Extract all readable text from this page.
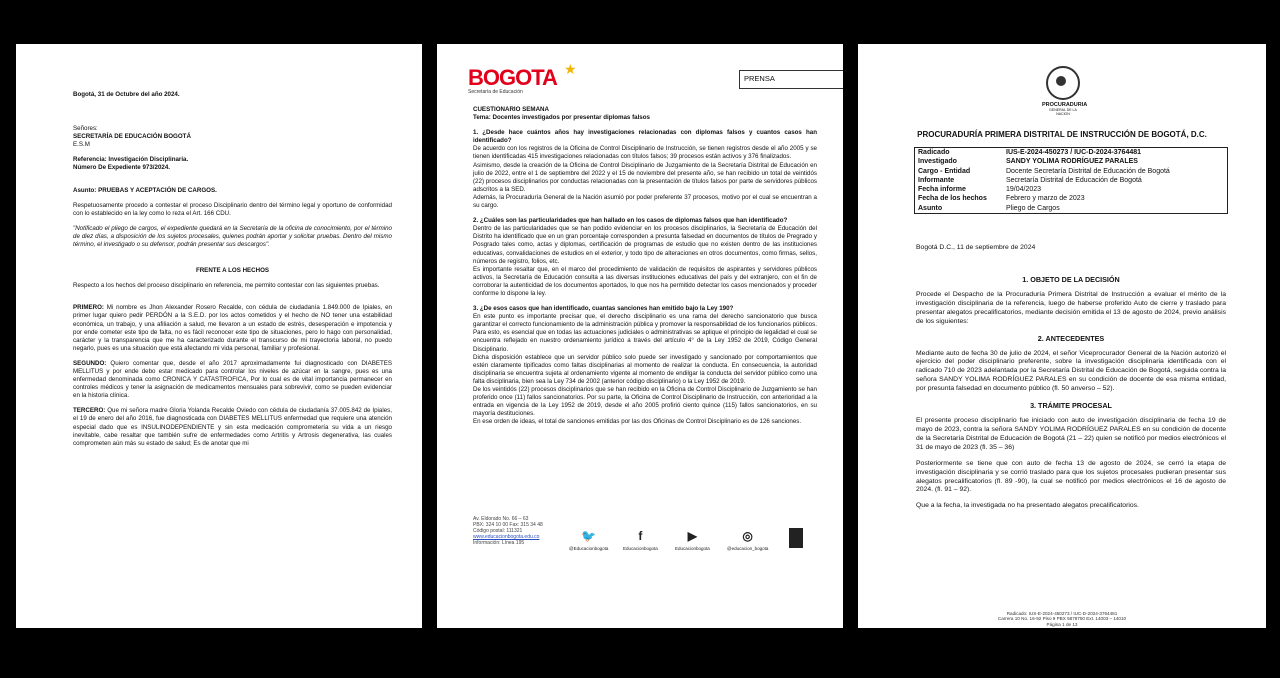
Bogotá, 31 de Octubre del año 2024.

Señores:

SECRETARÍA DE EDUCACIÓN BOGOTÁ

E.S.M

Referencia: Investigación Disciplinaria.

Número De Expediente 973/2024.

Asunto: PRUEBAS Y ACEPTACIÓN DE CARGOS.

Respetuosamente procedo a contestar el proceso Disciplinario dentro del término legal y oportuno de conformidad con lo establecido en la ley como lo reza el Art. 166 CDU.

"Notificado el pliego de cargos, el expediente quedará en la Secretaría de la oficina de conocimiento, por el término de diez días, a disposición de los sujetos procesales, quienes podrán aportar y solicitar pruebas. Dentro del mismo término, el investigado o su defensor, podrán presentar sus descargos".

FRENTE A LOS HECHOS

Respecto a los hechos del proceso disciplinario en referencia, me permito contestar con las siguientes pruebas.

PRIMERO: Mi nombre es Jhon Alexander Rosero Recalde, con cédula de ciudadanía 1.849.000 de Ipiales, en primer lugar quiero pedir PERDÓN a la S.E.D. por los actos cometidos y el hecho de NO tener una estabilidad económica, un trabajo, y una afiliación a salud, me llevaron a un estado de estrés, desesperación e impotencia y por ende cometer este tipo de falta, no es fácil reconocer este tipo de situaciones, pero lo hago con personalidad, carácter y la transparencia que me ha caracterizado durante el transcurso de mi trayectoria laboral, no puedo negarlo, pues es una situación que está afectando mi vida personal, familiar y profesional.

SEGUNDO: Quiero comentar que, desde el año 2017 aproximadamente fui diagnosticado con DIABETES MELLITUS y por ende debo estar medicado para controlar los niveles de azúcar en la sangre, pues es una enfermedad denominada como CRONICA Y CATASTROFICA, Por lo cual es de vital importancia permanecer en controles médicos y tener la asignación de medicamentos mensuales para sobrevivir, como se pueden evidenciar en la historia clínica.

TERCERO: Que mi señora madre Gloria Yolanda Recalde Oviedo con cédula de ciudadanía 37.005.842 de Ipiales, el 19 de enero del año 2016, fue diagnosticada con DIABETES MELLITUS enfermedad que requiere una atención especial dado que es INSULINODEPENDIENTE y sin esta medicación comprometería su vida a un riesgo inevitable, cabe resaltar que también sufre de enfermedades como Artritis y Artrosis degenerativa, las cuales comprometen aún más su estado de salud; Es de anotar que mi

★
BOGOTA
Secretaría de Educación
PRENSA

CUESTIONARIO SEMANA

Tema: Docentes investigados por presentar diplomas falsos

1. ¿Desde hace cuántos años hay investigaciones relacionadas con diplomas falsos y cuantos casos han identificado?

De acuerdo con los registros de la Oficina de Control Disciplinario de Instrucción, se tienen registros desde el año 2005 y se tienen identificadas 415 investigaciones relacionadas con títulos falsos; 39 procesos están activos y 376 finalizados.

Asimismo, desde la creación de la Oficina de Control Disciplinario de Juzgamiento de la Secretaría Distrital de Educación en julio de 2022, entre el 1 de septiembre del 2022 y el 15 de noviembre del presente año, se han recibido un total de veintidós (22) procesos disciplinarios por conductas relacionadas con la presentación de títulos falsos por parte de servidores públicos adscritos a la SED.

Además, la Procuraduría General de la Nación asumió por poder preferente 37 procesos, motivo por el cual se encuentran a su cargo.

2. ¿Cuáles son las particularidades que han hallado en los casos de diplomas falsos que han identificado?

Dentro de las particularidades que se han podido evidenciar en los procesos disciplinarios, la Secretaría de Educación del Distrito ha identificado que en un gran porcentaje corresponden a presunta falsedad en documentos de títulos de Pregrado y Posgrado tales como, actas y diplomas, certificación de programas de estudio que no existen dentro de las instituciones educativas, convalidaciones de estudios en el exterior, y todo tipo de alteraciones en otros documentos, como firmas, sellos, números de registro, folios, etc.

Es importante resaltar que, en el marco del procedimiento de validación de requisitos de aspirantes y servidores públicos activos, la Secretaría de Educación consulta a las diversas instituciones educativas del país y del extranjero, con el fin de corroborar la autenticidad de los documentos aportados, lo que nos ha permitido detectar los casos mencionados y proceder conforme lo dispone la ley.

3. ¿De esos casos que han identificado, cuantas sanciones han emitido bajo la Ley 190?

En este punto es importante precisar que, el derecho disciplinario es una rama del derecho sancionatorio que busca garantizar el correcto funcionamiento de la administración pública y promover la responsabilidad de los funcionarios públicos. Para esto, es esencial que en todas las actuaciones judiciales o administrativas se aplique el principio de legalidad el cual se encuentra reflejado en nuestro ordenamiento jurídico a través del artículo 4° de la Ley 1952 de 2019, Código General Disciplinario.

Dicha disposición establece que un servidor público solo puede ser investigado y sancionado por comportamientos que estén claramente tipificados como faltas disciplinarias al momento de realizar la conducta. En consecuencia, la autoridad disciplinaria se encuentra sujeta al ordenamiento vigente al momento de endilgar la conducta del servidor público como una falta disciplinaria, bien sea la Ley 734 de 2002 (anterior código disciplinario) o la Ley 1952 de 2019.

De los veintidós (22) procesos disciplinarios que se han recibido en la Oficina de Control Disciplinario de Juzgamiento se han proferido once (11) fallos sancionatorios. Por su parte, la Oficina de Control Disciplinario de Instrucción, con anterioridad a la entrada en vigencia de la Ley 1952 de 2019, desde el año 2005 profirió ciento quince (115) fallos sancionatorios, en su mayoría destituciones.

En ese orden de ideas, el total de sanciones emitidas por las dos Oficinas de Control Disciplinario es de 126 sanciones.

Av. Eldorado No. 66 – 63
PBX: 324 10 00 Fax: 315 34 48
Código postal: 111321
www.educacionbogota.edu.co
Información: Línea 195	🐦
@Educacionbogota
f
Educacionbogota
▶
Educacionbogota
◎
@educacion_bogota
PROCURADURIA
GENERAL DE LA NACION
PROCURADURÍA PRIMERA DISTRITAL DE INSTRUCCIÓN DE BOGOTÁ, D.C.
Radicado	IUS-E-2024-450273 / IUC-D-2024-3764481
Investigado	SANDY YOLIMA RODRÍGUEZ PARALES
Cargo - Entidad	Docente Secretaría Distrital de Educación de Bogotá
Informante	Secretaría Distrital de Educación de Bogotá
Fecha informe	19/04/2023
Fecha de los hechos	Febrero y marzo de 2023
Asunto	Pliego de Cargos

Bogotá D.C., 11 de septiembre de 2024

1. OBJETO DE LA DECISIÓN

Procede el Despacho de la Procuraduría Primera Distrital de Instrucción a evaluar el mérito de la investigación disciplinaria de la referencia, luego de haberse proferido Auto de cierre y traslado para presentar alegatos precalificatorios, mediante decisión emitida el 13 de agosto de 2024, previo análisis de los siguientes:

2. ANTECEDENTES

Mediante auto de fecha 30 de julio de 2024, el señor Viceprocurador General de la Nación autorizó el ejercicio del poder disciplinario preferente, sobre la investigación disciplinaria identificada con el radicado 710 de 2023 adelantada por la Secretaría Distrital de Educación de Bogotá, seguida contra la señora SANDY YOLIMA RODRÍGUEZ PARALES en su condición de docente de esa misma entidad, por presunta falsedad en documento público (fl. 50 anverso – 52).

3. TRÁMITE PROCESAL

El presente proceso disciplinario fue iniciado con auto de investigación disciplinaria de fecha 19 de mayo de 2023, contra la señora SANDY YOLIMA RODRÍGUEZ PARALES en su condición de docente de la Secretaría Distrital de Educación de Bogotá (21 – 22) quien se notificó por medios electrónicos el 31 de mayo de 2023 (fl. 35 – 36)

Posteriormente se tiene que con auto de fecha 13 de agosto de 2024, se cerró la etapa de investigación disciplinaria y se corrió traslado para que los sujetos procesales pudieran presentar sus alegatos precalificatorios (fl. 89 -90), la cual se notificó por medios electrónicos el 16 de agosto de 2024. (fl. 91 – 92).

Que a la fecha, la investigada no ha presentado alegatos precalificatorios.

Radicado: IUS-E-2024-450273 / IUC-D-2024-3764481
Carrera 10 No. 16-92 Piso 9 PBX 5878750 Ext. 14003 – 14010
Página 1 de 13
